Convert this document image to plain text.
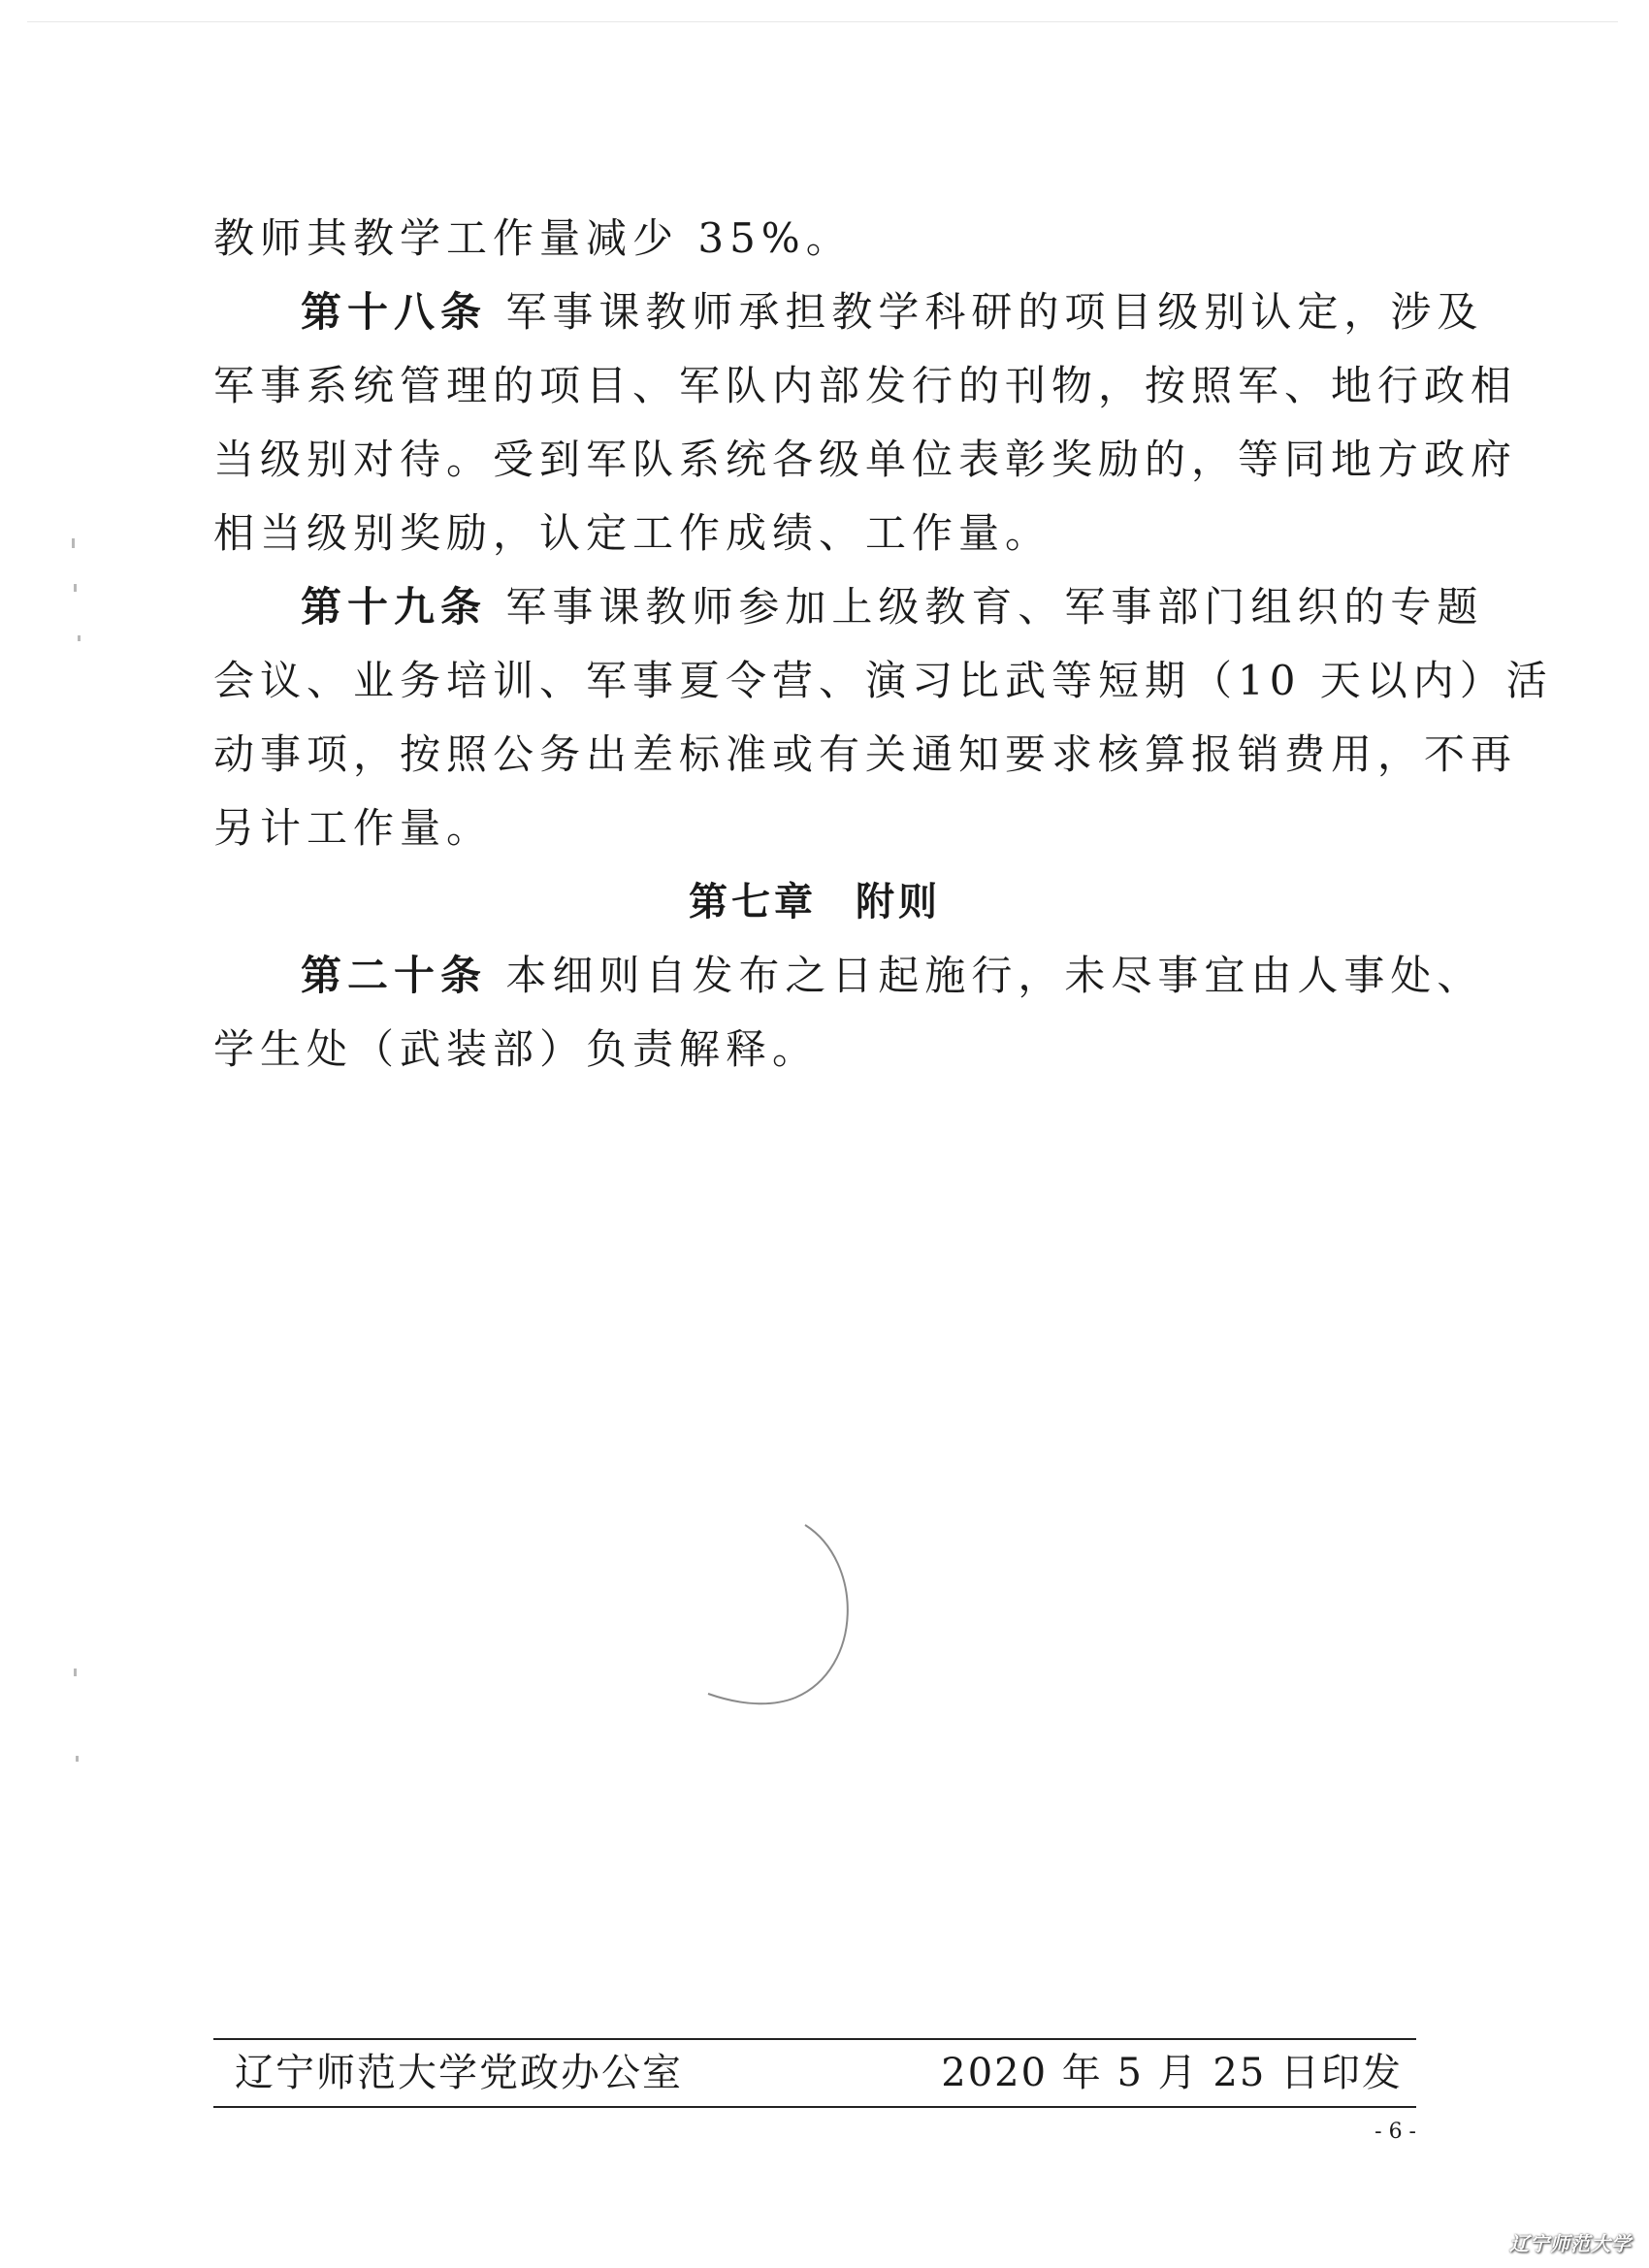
教师其教学工作量减少 35%。
第十八条 军事课教师承担教学科研的项目级别认定，涉及
军事系统管理的项目、军队内部发行的刊物，按照军、地行政相
当级别对待。受到军队系统各级单位表彰奖励的，等同地方政府
相当级别奖励，认定工作成绩、工作量。
第十九条 军事课教师参加上级教育、军事部门组织的专题
会议、业务培训、军事夏令营、演习比武等短期（10 天以内）活
动事项，按照公务出差标准或有关通知要求核算报销费用，不再
另计工作量。
第七章 附则
第二十条 本细则自发布之日起施行，未尽事宜由人事处、
学生处（武装部）负责解释。
辽宁师范大学党政办公室	2020 年 5 月 25 日印发
- 6 -
辽宁师范大学
